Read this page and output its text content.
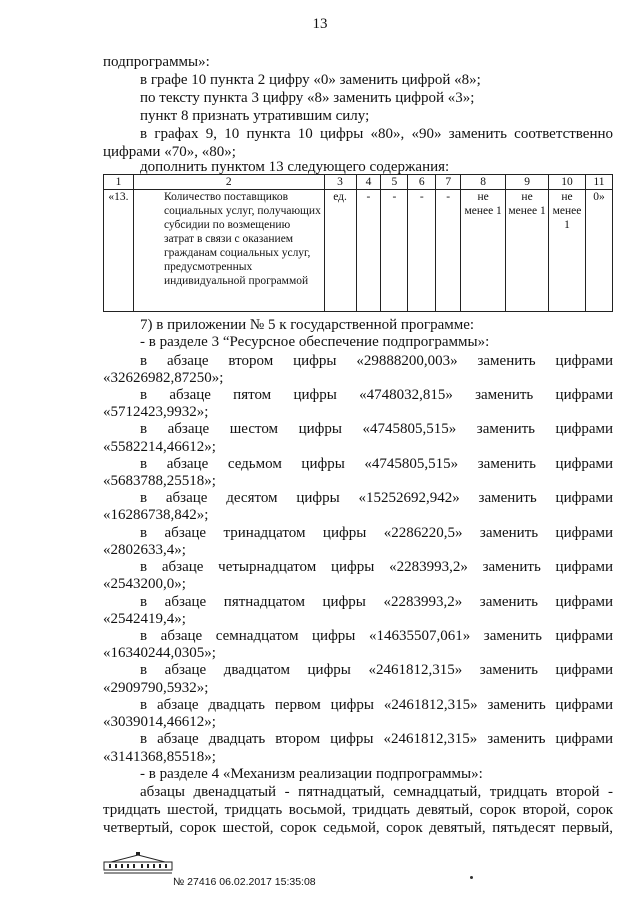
13
подпрограммы»:
в графе 10 пункта 2 цифру «0» заменить цифрой «8»;
по тексту пункта 3 цифру «8» заменить цифрой «3»;
пункт 8 признать утратившим силу;
в графах 9, 10 пункта 10 цифры «80», «90» заменить соответственно
цифрами «70», «80»;
дополнить пунктом 13 следующего содержания:
1	2	3	4	5	6	7	8	9	10	11
«13.	Количество поставщиков социальных услуг, получающих субсидии по возмещению затрат в связи с оказанием гражданам социальных услуг, предусмотренных индивидуальной программой	ед.	-	-	-	-	не менее 1	не менее 1	не менее 1	0»
7) в приложении № 5 к государственной программе:
- в разделе 3 “Ресурсное обеспечение подпрограммы»:
в абзаце втором цифры «29888200,003» заменить цифрами
«32626982,87250»;
в абзаце пятом цифры «4748032,815» заменить цифрами
«5712423,9932»;
в абзаце шестом цифры «4745805,515» заменить цифрами
«5582214,46612»;
в абзаце седьмом цифры «4745805,515» заменить цифрами
«5683788,25518»;
в абзаце десятом цифры «15252692,942» заменить цифрами
«16286738,842»;
в абзаце тринадцатом цифры «2286220,5» заменить цифрами
«2802633,4»;
в абзаце четырнадцатом цифры «2283993,2» заменить цифрами
«2543200,0»;
в абзаце пятнадцатом цифры «2283993,2» заменить цифрами
«2542419,4»;
в абзаце семнадцатом цифры «14635507,061» заменить цифрами
«16340244,0305»;
в абзаце двадцатом цифры «2461812,315» заменить цифрами
«2909790,5932»;
в абзаце двадцать первом цифры «2461812,315» заменить цифрами
«3039014,46612»;
в абзаце двадцать втором цифры «2461812,315» заменить цифрами
«3141368,85518»;
- в разделе 4 «Механизм реализации подпрограммы»:
абзацы двенадцатый - пятнадцатый, семнадцатый, тридцать второй -
тридцать шестой, тридцать восьмой, тридцать девятый, сорок второй, сорок
четвертый, сорок шестой, сорок седьмой, сорок девятый, пятьдесят первый,
№ 27416 06.02.2017 15:35:08
